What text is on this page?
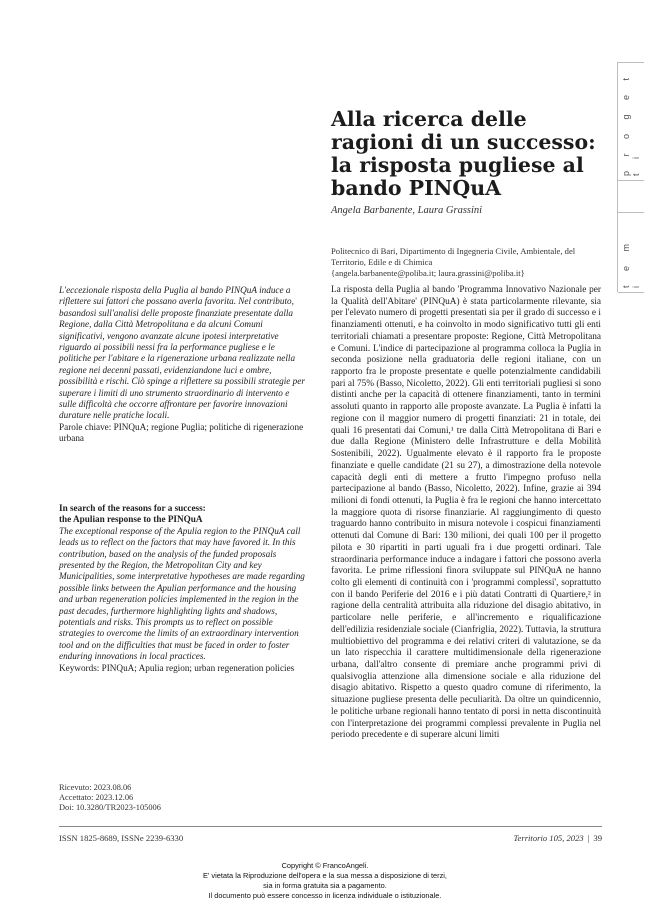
p r o g e t t i
t e m i
Alla ricerca delle ragioni di un successo: la risposta pugliese al bando PINQuA
Angela Barbanente, Laura Grassini
Politecnico di Bari, Dipartimento di Ingegneria Civile, Ambientale, del Territorio, Edile e di Chimica
{angela.barbanente@poliba.it; laura.grassini@poliba.it}

L'eccezionale risposta della Puglia al bando PINQuA induce a riflettere sui fattori che possano averla favorita. Nel contributo, basandosi sull'analisi delle proposte finanziate presentate dalla Regione, dalla Città Metropolitana e da alcuni Comuni significativi, vengono avanzate alcune ipotesi interpretative riguardo ai possibili nessi fra la performance pugliese e le politiche per l'abitare e la rigenerazione urbana realizzate nella regione nei decenni passati, evidenziandone luci e ombre, possibilità e rischi. Ciò spinge a riflettere su possibili strategie per superare i limiti di uno strumento straordinario di intervento e sulle difficoltà che occorre affrontare per favorire innovazioni durature nelle pratiche locali.

Parole chiave: PINQuA; regione Puglia; politiche di rigenerazione urbana

In search of the reasons for a success:

the Apulian response to the PINQuA

The exceptional response of the Apulia region to the PINQuA call leads us to reflect on the factors that may have favored it. In this contribution, based on the analysis of the funded proposals presented by the Region, the Metropolitan City and key Municipalities, some interpretative hypotheses are made regarding possible links between the Apulian performance and the housing and urban regeneration policies implemented in the region in the past decades, furthermore highlighting lights and shadows, potentials and risks. This prompts us to reflect on possible strategies to overcome the limits of an extraordinary intervention tool and on the difficulties that must be faced in order to foster enduring innovations in local practices.

Keywords: PINQuA; Apulia region; urban regeneration policies

La risposta della Puglia al bando 'Programma Innovativo Nazionale per la Qualità dell'Abitare' (PINQuA) è stata particolarmente rilevante, sia per l'elevato numero di progetti presentati sia per il grado di successo e i finanziamenti ottenuti, e ha coinvolto in modo significativo tutti gli enti territoriali chiamati a presentare proposte: Regione, Città Metropolitana e Comuni. L'indice di partecipazione al programma colloca la Puglia in seconda posizione nella graduatoria delle regioni italiane, con un rapporto fra le proposte presentate e quelle potenzialmente candidabili pari al 75% (Basso, Nicoletto, 2022). Gli enti territoriali pugliesi si sono distinti anche per la capacità di ottenere finanziamenti, tanto in termini assoluti quanto in rapporto alle proposte avanzate. La Puglia è infatti la regione con il maggior numero di progetti finanziati: 21 in totale, dei quali 16 presentati dai Comuni,¹ tre dalla Città Metropolitana di Bari e due dalla Regione (Ministero delle Infrastrutture e della Mobilità Sostenibili, 2022). Ugualmente elevato è il rapporto fra le proposte finanziate e quelle candidate (21 su 27), a dimostrazione della notevole capacità degli enti di mettere a frutto l'impegno profuso nella partecipazione al bando (Basso, Nicoletto, 2022). Infine, grazie ai 394 milioni di fondi ottenuti, la Puglia è fra le regioni che hanno intercettato la maggiore quota di risorse finanziarie. Al raggiungimento di questo traguardo hanno contribuito in misura notevole i cospicui finanziamenti ottenuti dal Comune di Bari: 130 milioni, dei quali 100 per il progetto pilota e 30 ripartiti in parti uguali fra i due progetti ordinari. Tale straordinaria performance induce a indagare i fattori che possono averla favorita. Le prime riflessioni finora sviluppate sul PINQuA ne hanno colto gli elementi di continuità con i 'programmi complessi', soprattutto con il bando Periferie del 2016 e i più datati Contratti di Quartiere,² in ragione della centralità attribuita alla riduzione del disagio abitativo, in particolare nelle periferie, e all'incremento e riqualificazione dell'edilizia residenziale sociale (Cianfriglia, 2022). Tuttavia, la struttura multiobiettivo del programma e dei relativi criteri di valutazione, se da un lato rispecchia il carattere multidimensionale della rigenerazione urbana, dall'altro consente di premiare anche programmi privi di qualsivoglia attenzione alla dimensione sociale e alla riduzione del disagio abitativo. Rispetto a questo quadro comune di riferimento, la situazione pugliese presenta delle peculiarità. Da oltre un quindicennio, le politiche urbane regionali hanno tentato di porsi in netta discontinuità con l'interpretazione dei programmi complessi prevalente in Puglia nel periodo precedente e di superare alcuni limiti

Ricevuto: 2023.08.06
Accettato: 2023.12.06
Doi: 10.3280/TR2023-105006
ISSN 1825-8689, ISSNe 2239-6330	Territorio 105, 2023 | 39
Copyright © FrancoAngeli.
E' vietata la Riproduzione dell'opera e la sua messa a disposizione di terzi,
sia in forma gratuita sia a pagamento.
Il documento può essere concesso in licenza individuale o istituzionale.
